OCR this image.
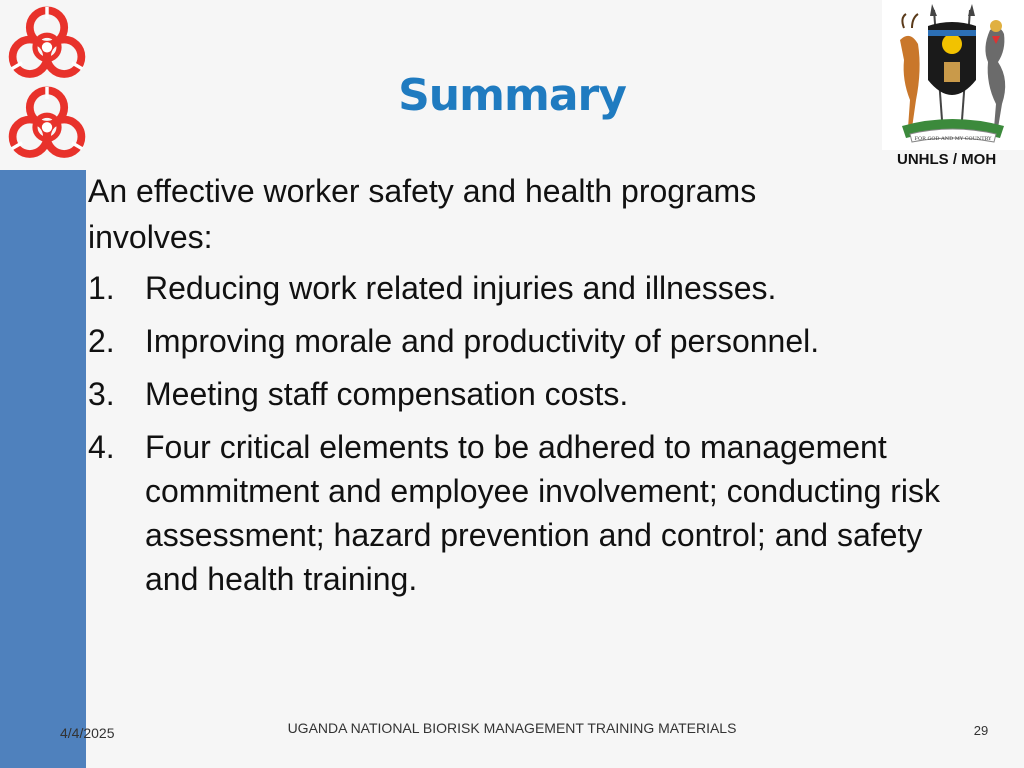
FOR GOD AND MY COUNTRY
UNHLS / MOH
Summary
An effective worker safety and health programs involves:
1. Reducing work related injuries and illnesses.
2. Improving morale and productivity of personnel.
3. Meeting staff compensation costs.
4. Four critical elements to be adhered to management commitment and employee involvement; conducting risk assessment; hazard prevention and control; and safety and health training.
4/4/2025	UGANDA NATIONAL BIORISK MANAGEMENT TRAINING MATERIALS	29
